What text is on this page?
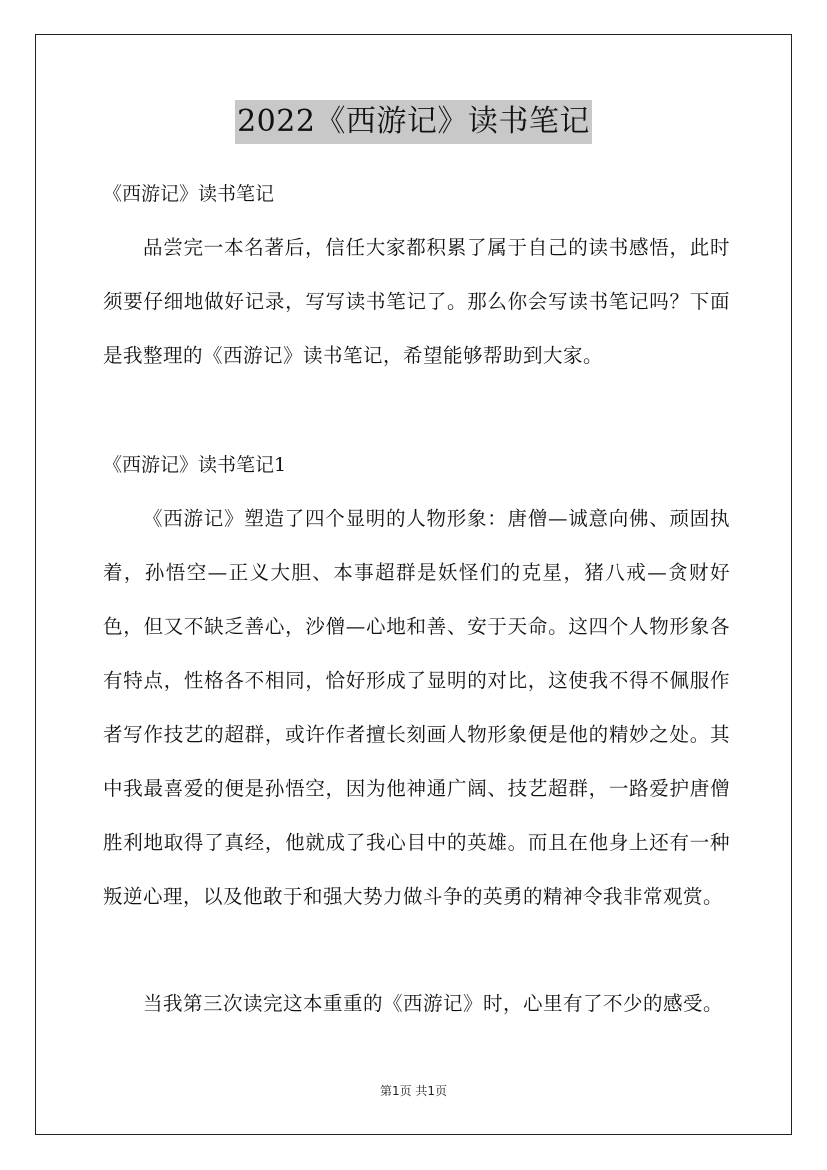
2022《西游记》读书笔记

《西游记》读书笔记

品尝完一本名著后，信任大家都积累了属于自己的读书感悟，此时须要仔细地做好记录，写写读书笔记了。那么你会写读书笔记吗？下面是我整理的《西游记》读书笔记，希望能够帮助到大家。

《西游记》读书笔记1

《西游记》塑造了四个显明的人物形象：唐僧—诚意向佛、顽固执着，孙悟空—正义大胆、本事超群是妖怪们的克星，猪八戒—贪财好色，但又不缺乏善心，沙僧—心地和善、安于天命。这四个人物形象各有特点，性格各不相同，恰好形成了显明的对比，这使我不得不佩服作者写作技艺的超群，或许作者擅长刻画人物形象便是他的精妙之处。其中我最喜爱的便是孙悟空，因为他神通广阔、技艺超群，一路爱护唐僧胜利地取得了真经，他就成了我心目中的英雄。而且在他身上还有一种叛逆心理，以及他敢于和强大势力做斗争的英勇的精神令我非常观赏。

当我第三次读完这本重重的《西游记》时，心里有了不少的感受。

第1页 共1页
